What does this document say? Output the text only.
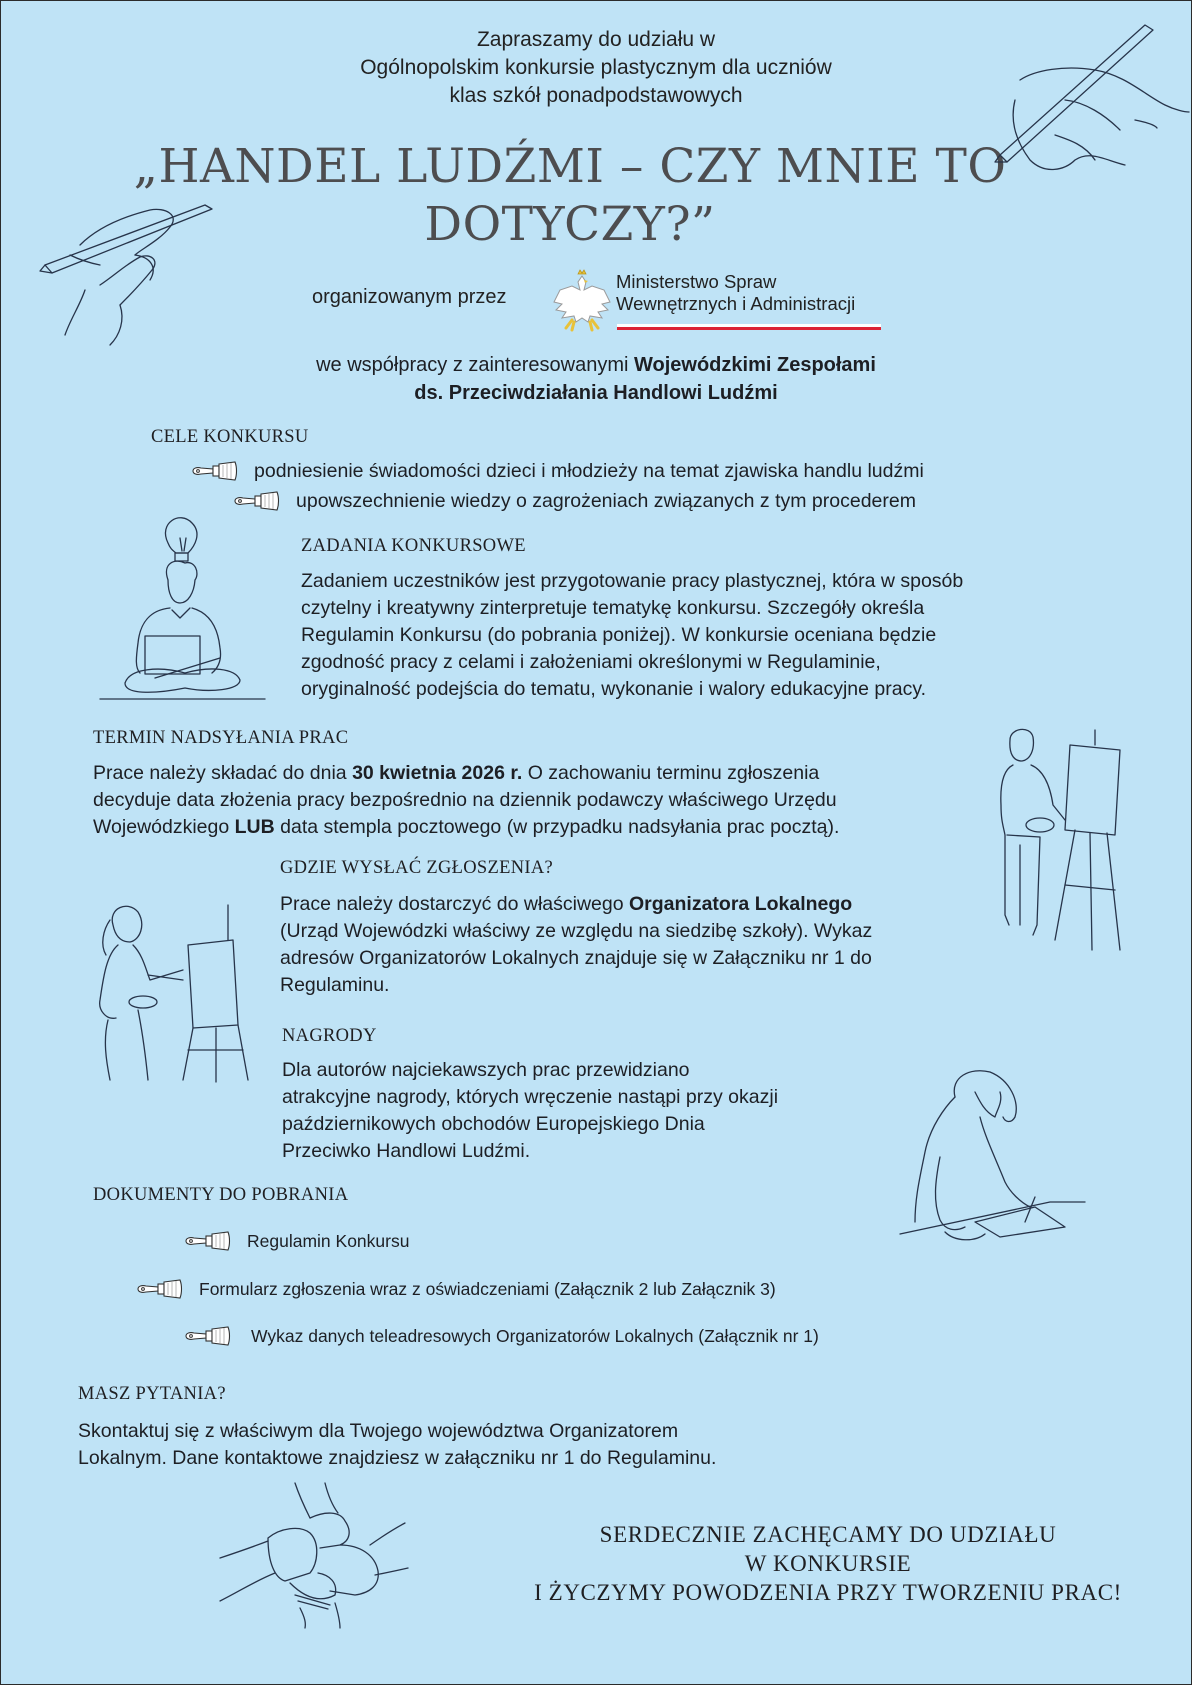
Zapraszamy do udziału w
Ogólnopolskim konkursie plastycznym dla uczniów
klas szkół ponadpodstawowych
„HANDEL LUDŹMI – CZY MNIE TO
DOTYCZY?”
organizowanym przez
Ministerstwo Spraw
Wewnętrznych i Administracji
we współpracy z zainteresowanymi Wojewódzkimi Zespołami
ds. Przeciwdziałania Handlowi Ludźmi
CELE KONKURSU
podniesienie świadomości dzieci i młodzieży na temat zjawiska handlu ludźmi
upowszechnienie wiedzy o zagrożeniach związanych z tym procederem
ZADANIA KONKURSOWE
Zadaniem uczestników jest przygotowanie pracy plastycznej, która w sposób
czytelny i kreatywny zinterpretuje tematykę konkursu. Szczegóły określa
Regulamin Konkursu (do pobrania poniżej). W konkursie oceniana będzie
zgodność pracy z celami i założeniami określonymi w Regulaminie,
oryginalność podejścia do tematu, wykonanie i walory edukacyjne pracy.
TERMIN NADSYŁANIA PRAC
Prace należy składać do dnia 30 kwietnia 2026 r. O zachowaniu terminu zgłoszenia
decyduje data złożenia pracy bezpośrednio na dziennik podawczy właściwego Urzędu
Wojewódzkiego LUB data stempla pocztowego (w przypadku nadsyłania prac pocztą).
GDZIE WYSŁAĆ ZGŁOSZENIA?
Prace należy dostarczyć do właściwego Organizatora Lokalnego
(Urząd Wojewódzki właściwy ze względu na siedzibę szkoły). Wykaz
adresów Organizatorów Lokalnych znajduje się w Załączniku nr 1 do
Regulaminu.
NAGRODY
Dla autorów najciekawszych prac przewidziano
atrakcyjne nagrody, których wręczenie nastąpi przy okazji
październikowych obchodów Europejskiego Dnia
Przeciwko Handlowi Ludźmi.
DOKUMENTY DO POBRANIA
Regulamin Konkursu
Formularz zgłoszenia wraz z oświadczeniami (Załącznik 2 lub Załącznik 3)
Wykaz danych teleadresowych Organizatorów Lokalnych (Załącznik nr 1)
MASZ PYTANIA?
Skontaktuj się z właściwym dla Twojego województwa Organizatorem
Lokalnym. Dane kontaktowe znajdziesz w załączniku nr 1 do Regulaminu.
SERDECZNIE ZACHĘCAMY DO UDZIAŁU
W KONKURSIE
I ŻYCZYMY POWODZENIA PRZY TWORZENIU PRAC!
